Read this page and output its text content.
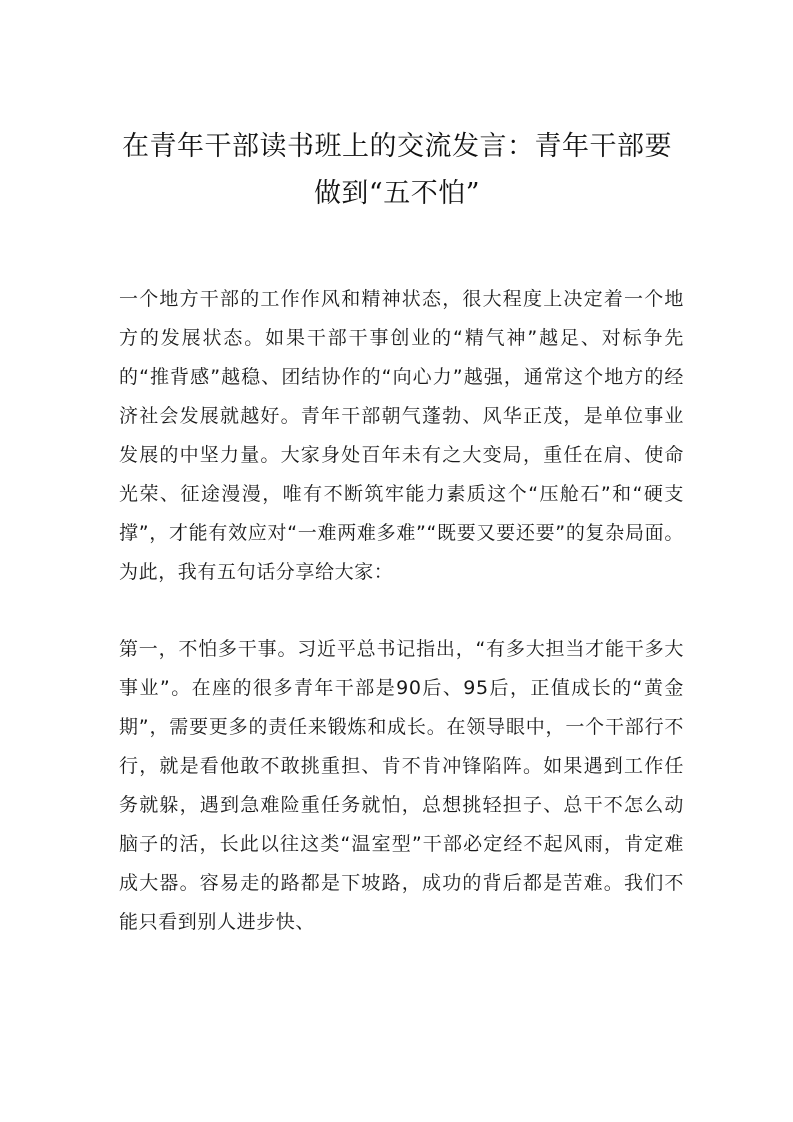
在青年干部读书班上的交流发言：青年干部要做到“五不怕”

一个地方干部的工作作风和精神状态，很大程度上决定着一个地方的发展状态。如果干部干事创业的“精气神”越足、对标争先的“推背感”越稳、团结协作的“向心力”越强，通常这个地方的经济社会发展就越好。青年干部朝气蓬勃、风华正茂，是单位事业发展的中坚力量。大家身处百年未有之大变局，重任在肩、使命光荣、征途漫漫，唯有不断筑牢能力素质这个“压舱石”和“硬支撑”，才能有效应对“一难两难多难”“既要又要还要”的复杂局面。为此，我有五句话分享给大家：

第一，不怕多干事。习近平总书记指出，“有多大担当才能干多大事业”。在座的很多青年干部是90后、95后，正值成长的“黄金期”，需要更多的责任来锻炼和成长。在领导眼中，一个干部行不行，就是看他敢不敢挑重担、肯不肯冲锋陷阵。如果遇到工作任务就躲，遇到急难险重任务就怕，总想挑轻担子、总干不怎么动脑子的活，长此以往这类“温室型”干部必定经不起风雨，肯定难成大器。容易走的路都是下坡路，成功的背后都是苦难。我们不能只看到别人进步快、
